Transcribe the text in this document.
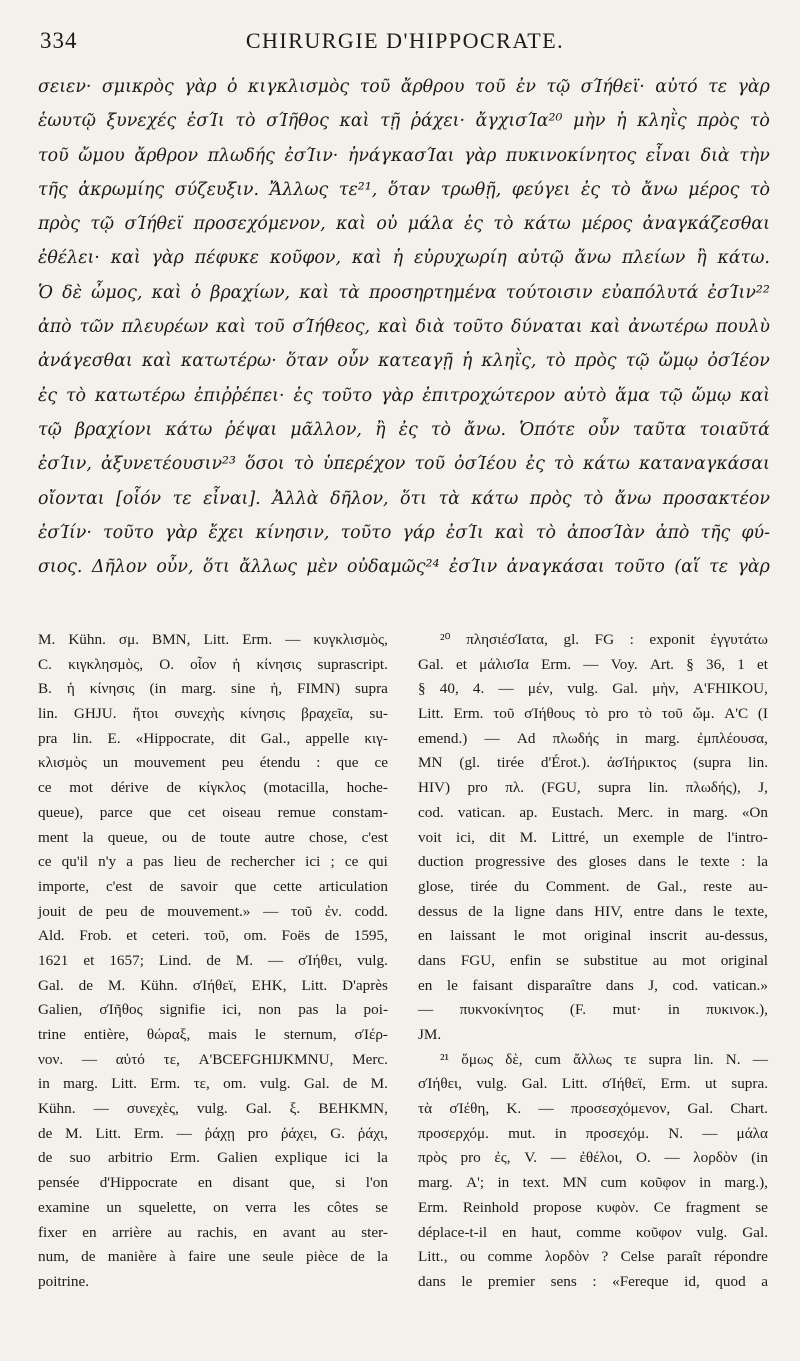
334	CHIRURGIE D'HIPPOCRATE.
σειεν· σμικρὸς γὰρ ὁ κιγκλισμὸς τοῦ ἄρθρου τοῦ ἐν τῷ σΊήθεϊ· αὐτό τε γὰρ
ἑωυτῷ ξυνεχές ἐσΊι τὸ σΊῆθος καὶ τῇ ῥάχει· ἄγχισΊα²⁰ μὴν ἡ κληῒς πρὸς τὸ
τοῦ ὤμου ἄρθρον πλωδής ἐσΊιν· ἠνάγκασΊαι γὰρ πυκινοκίνητος εἶναι διὰ τὴν
τῆς ἀκρωμίης σύζευξιν. Ἄλλως τε²¹, ὅταν τρωθῇ, φεύγει ἐς τὸ ἄνω μέρος τὸ
πρὸς τῷ σΊήθεϊ προσεχόμενον, καὶ οὐ μάλα ἐς τὸ κάτω μέρος ἀναγκάζεσθαι
ἐθέλει· καὶ γὰρ πέφυκε κοῦφον, καὶ ἡ εὐρυχωρίη αὐτῷ ἄνω πλείων ἢ κάτω.
Ὁ δὲ ὦμος, καὶ ὁ βραχίων, καὶ τὰ προσηρτημένα τούτοισιν εὐαπόλυτά ἐσΊιν²²
ἀπὸ τῶν πλευρέων καὶ τοῦ σΊήθεος, καὶ διὰ τοῦτο δύναται καὶ ἀνωτέρω πουλὺ
ἀνάγεσθαι καὶ κατωτέρω· ὅταν οὖν κατεαγῇ ἡ κληῒς, τὸ πρὸς τῷ ὤμῳ ὀσΊέον
ἐς τὸ κατωτέρω ἐπιῤῥέπει· ἐς τοῦτο γὰρ ἐπιτροχώτερον αὐτὸ ἅμα τῷ ὤμῳ καὶ
τῷ βραχίονι κάτω ῥέψαι μᾶλλον, ἢ ἐς τὸ ἄνω. Ὁπότε οὖν ταῦτα τοιαῦτά
ἐσΊιν, ἀξυνετέουσιν²³ ὅσοι τὸ ὑπερέχον τοῦ ὀσΊέου ἐς τὸ κάτω καταναγκάσαι
οἴονται [οἷόν τε εἶναι]. Ἀλλὰ δῆλον, ὅτι τὰ κάτω πρὸς τὸ ἄνω προσακτέον
ἐσΊίν· τοῦτο γὰρ ἔχει κίνησιν, τοῦτο γάρ ἐσΊι καὶ τὸ ἀποσΊὰν ἀπὸ τῆς φύ-
σιος. Δῆλον οὖν, ὅτι ἄλλως μὲν οὐδαμῶς²⁴ ἐσΊιν ἀναγκάσαι τοῦτο (αἵ τε γὰρ
M. Kühn. σμ. BMN, Litt. Erm. — κυγκλισμὸς,
C. κιγκλησμὸς, O. οἷον ἡ κίνησις suprascript.
B. ἡ κίνησις (in marg. sine ἡ, FIMN) supra
lin. GHJU. ἤτοι συνεχὴς κίνησις βραχεῖα, su-
pra lin. E. «Hippocrate, dit Gal., appelle κιγ-
κλισμὸς un mouvement peu étendu : que ce
ce mot dérive de κίγκλος (motacilla, hoche-
queue), parce que cet oiseau remue constam-
ment la queue, ou de toute autre chose, c'est
ce qu'il n'y a pas lieu de rechercher ici ; ce qui
importe, c'est de savoir que cette articulation
jouit de peu de mouvement.» — τοῦ ἐν. codd.
Ald. Frob. et ceteri. τοῦ, om. Foës de 1595,
1621 et 1657; Lind. de M. — σΊήθει, vulg.
Gal. de M. Kühn. σΊήθεϊ, EHK, Litt. D'après
Galien, σΊῆθος signifie ici, non pas la poi-
trine entière, θώραξ, mais le sternum, σΊέρ-
νον. — αὐτό τε, A'BCEFGHIJKMNU, Merc.
in marg. Litt. Erm. τε, om. vulg. Gal. de M.
Kühn. — συνεχὲς, vulg. Gal. ξ. BEHKMN,
de M. Litt. Erm. — ῥάχῃ pro ῥάχει, G. ῥάχι,
de suo arbitrio Erm. Galien explique ici la
pensée d'Hippocrate en disant que, si l'on
examine un squelette, on verra les côtes se
fixer en arrière au rachis, en avant au ster-
num, de manière à faire une seule pièce de la
poitrine.
²⁰ πλησιέσΊατα, gl. FG : exponit ἐγγυτάτω
Gal. et μάλισΊα Erm. — Voy. Art. § 36, 1 et
§ 40, 4. — μέν, vulg. Gal. μὴν, A'FHIKOU,
Litt. Erm. τοῦ σΊήθους τὸ pro τὸ τοῦ ὤμ. A'C (I
emend.) — Ad πλωδής in marg. ἐμπλέουσα,
MN (gl. tirée d'Érot.). ἀσΊήρικτος (supra lin.
HIV) pro πλ. (FGU, supra lin. πλωδής), J,
cod. vatican. ap. Eustach. Merc. in marg. «On
voit ici, dit M. Littré, un exemple de l'intro-
duction progressive des gloses dans le texte : la
glose, tirée du Comment. de Gal., reste au-
dessus de la ligne dans HIV, entre dans le texte,
en laissant le mot original inscrit au-dessus,
dans FGU, enfin se substitue au mot original
en le faisant disparaître dans J, cod. vatican.»
— πυκνοκίνητος (F. mut· in πυκινοκ.),
JM.
²¹ ὅμως δὲ, cum ἄλλως τε supra lin. N. —
σΊήθει, vulg. Gal. Litt. σΊήθεϊ, Erm. ut supra.
τὰ σΊέθη, K. — προσεσχόμενον, Gal. Chart.
προσερχόμ. mut. in προσεχόμ. N. — μάλα
πρὸς pro ἐς, V. — ἐθέλοι, O. — λορδὸν (in
marg. A'; in text. MN cum κοῦφον in marg.),
Erm. Reinhold propose κυφὸν. Ce fragment se
déplace-t-il en haut, comme κοῦφον vulg. Gal.
Litt., ou comme λορδὸν ? Celse paraît répondre
dans le premier sens : «Fereque id, quod a
